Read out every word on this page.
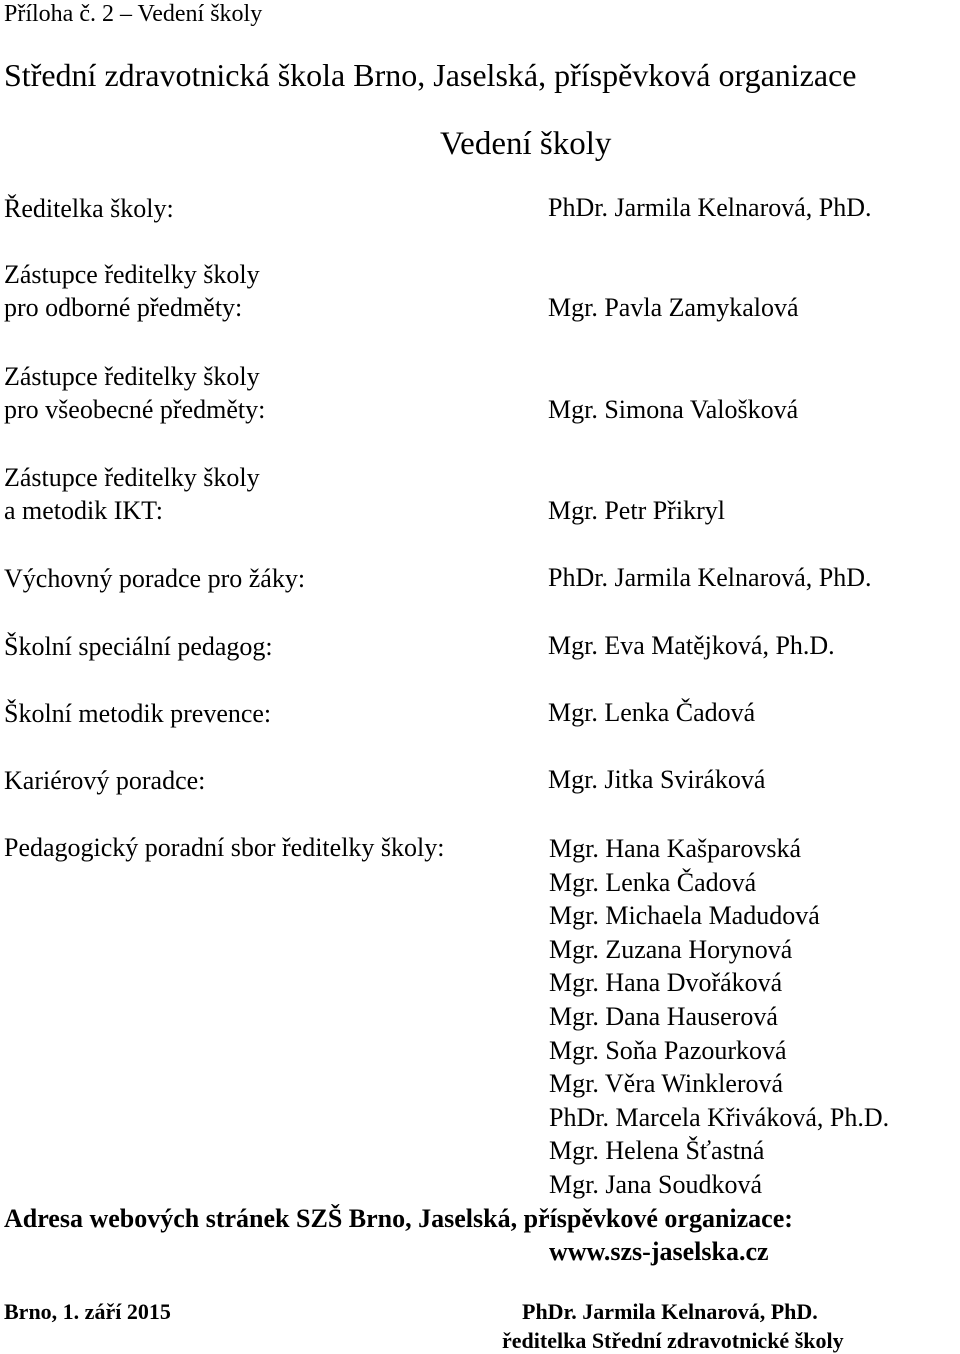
Příloha č. 2 – Vedení školy
Střední zdravotnická škola Brno, Jaselská, příspěvková organizace
Vedení školy
Ředitelka školy:	PhDr. Jarmila Kelnarová, PhD.
Zástupce ředitelky školy
pro odborné předměty:	Mgr. Pavla Zamykalová
Zástupce ředitelky školy
pro všeobecné předměty:	Mgr. Simona Valošková
Zástupce ředitelky školy
a metodik IKT:	Mgr. Petr Přikryl
Výchovný poradce pro žáky:	PhDr. Jarmila Kelnarová, PhD.
Školní speciální pedagog:	Mgr. Eva Matějková, Ph.D.
Školní metodik prevence:	Mgr. Lenka Čadová
Kariérový poradce:	Mgr. Jitka Sviráková
Pedagogický poradní sbor ředitelky školy:	Mgr. Hana Kašparovská
Mgr. Lenka Čadová
Mgr. Michaela Madudová
Mgr. Zuzana Horynová
Mgr. Hana Dvořáková
Mgr. Dana Hauserová
Mgr. Soňa Pazourková
Mgr. Věra Winklerová
PhDr. Marcela Křiváková, Ph.D.
Mgr. Helena Šťastná
Mgr. Jana Soudková
Adresa webových stránek SZŠ Brno, Jaselská, příspěvkové organizace:
www.szs-jaselska.cz
Brno, 1. září 2015	PhDr. Jarmila Kelnarová, PhD.
ředitelka Střední zdravotnické školy
